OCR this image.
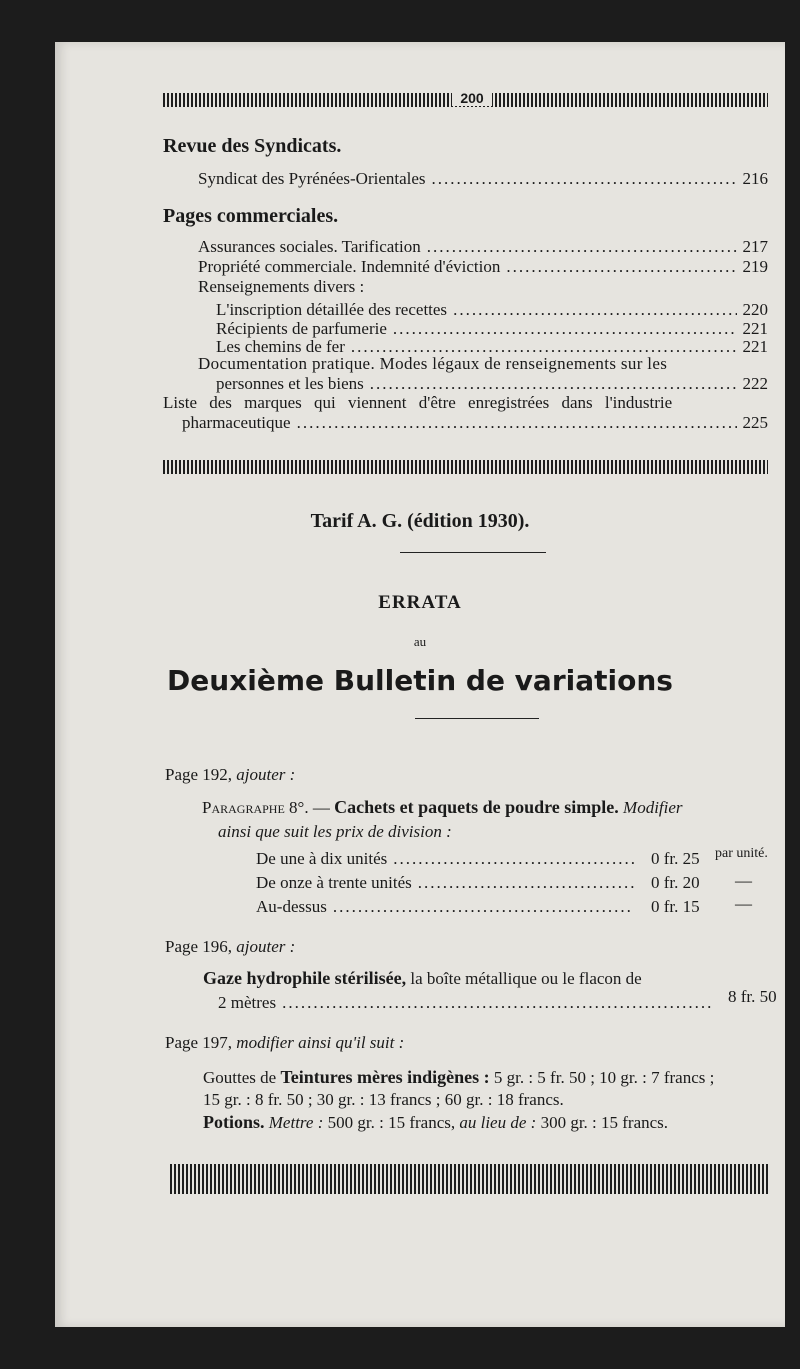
200
Revue des Syndicats.
Syndicat des Pyrénées-Orientales .....	216
Pages commerciales.
Assurances sociales. Tarification .....	217
Propriété commerciale. Indemnité d'éviction .....	219
Renseignements divers :
L'inscription détaillée des recettes .....	220
Récipients de parfumerie .....	221
Les chemins de fer .....	221
Documentation pratique. Modes légaux de renseignements sur les
personnes et les biens .....	222
Liste des marques qui viennent d'être enregistrées dans l'industrie
pharmaceutique .....	225
Tarif A. G. (édition 1930).
ERRATA
au
Deuxième Bulletin de variations
Page 192, ajouter :
Paragraphe 8°. — Cachets et paquets de poudre simple. Modifier
ainsi que suit les prix de division :
De une à dix unités .....	0 fr. 25 par unité.
De onze à trente unités .....	0 fr. 20 —
Au-dessus .....	0 fr. 15 —
Page 196, ajouter :
Gaze hydrophile stérilisée, la boîte métallique ou le flacon de
2 mètres .....	8 fr. 50
Page 197, modifier ainsi qu'il suit :
Gouttes de Teintures mères indigènes : 5 gr. : 5 fr. 50 ; 10 gr. : 7 francs ;
15 gr. : 8 fr. 50 ; 30 gr. : 13 francs ; 60 gr. : 18 francs.
Potions. Mettre : 500 gr. : 15 francs, au lieu de : 300 gr. : 15 francs.
